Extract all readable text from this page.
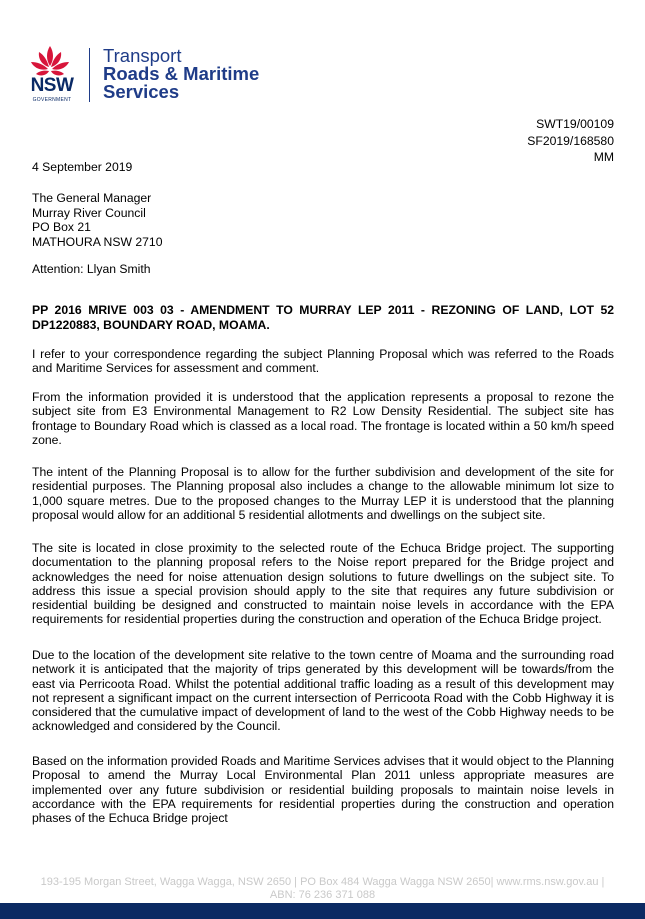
NSW
GOVERNMENT
Transport
Roads & Maritime
Services
SWT19/00109
SF2019/168580
MM
4 September 2019
The General Manager
Murray River Council
PO Box 21
MATHOURA NSW 2710
Attention: Llyan Smith
PP 2016 MRIVE 003 03 - AMENDMENT TO MURRAY LEP 2011 - REZONING OF LAND, LOT 52 DP1220883, BOUNDARY ROAD, MOAMA.
I refer to your correspondence regarding the subject Planning Proposal which was referred to the Roads and Maritime Services for assessment and comment.
From the information provided it is understood that the application represents a proposal to rezone the subject site from E3 Environmental Management to R2 Low Density Residential. The subject site has frontage to Boundary Road which is classed as a local road. The frontage is located within a 50 km/h speed zone.
The intent of the Planning Proposal is to allow for the further subdivision and development of the site for residential purposes. The Planning proposal also includes a change to the allowable minimum lot size to 1,000 square metres. Due to the proposed changes to the Murray LEP it is understood that the planning proposal would allow for an additional 5 residential allotments and dwellings on the subject site.
The site is located in close proximity to the selected route of the Echuca Bridge project. The supporting documentation to the planning proposal refers to the Noise report prepared for the Bridge project and acknowledges the need for noise attenuation design solutions to future dwellings on the subject site. To address this issue a special provision should apply to the site that requires any future subdivision or residential building be designed and constructed to maintain noise levels in accordance with the EPA requirements for residential properties during the construction and operation of the Echuca Bridge project.
Due to the location of the development site relative to the town centre of Moama and the surrounding road network it is anticipated that the majority of trips generated by this development will be towards/from the east via Perricoota Road. Whilst the potential additional traffic loading as a result of this development may not represent a significant impact on the current intersection of Perricoota Road with the Cobb Highway it is considered that the cumulative impact of development of land to the west of the Cobb Highway needs to be acknowledged and considered by the Council.
Based on the information provided Roads and Maritime Services advises that it would object to the Planning Proposal to amend the Murray Local Environmental Plan 2011 unless appropriate measures are implemented over any future subdivision or residential building proposals to maintain noise levels in accordance with the EPA requirements for residential properties during the construction and operation phases of the Echuca Bridge project
193-195 Morgan Street, Wagga Wagga, NSW 2650 | PO Box 484 Wagga Wagga NSW 2650| www.rms.nsw.gov.au |
ABN: 76 236 371 088
